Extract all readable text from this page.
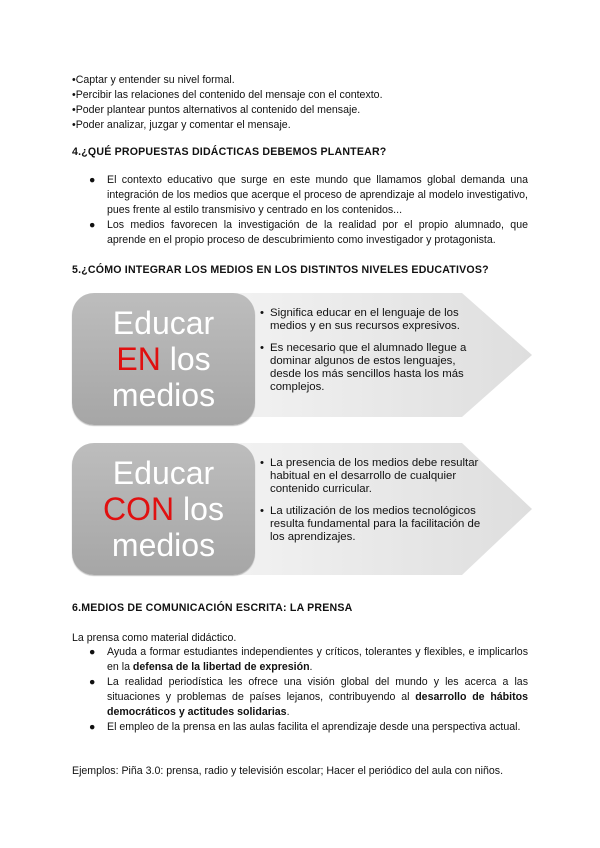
•Captar y entender su nivel formal.
•Percibir las relaciones del contenido del mensaje con el contexto.
•Poder plantear puntos alternativos al contenido del mensaje.
•Poder analizar, juzgar y comentar el mensaje.
4.¿QUÉ PROPUESTAS DIDÁCTICAS DEBEMOS PLANTEAR?
● El contexto educativo que surge en este mundo que llamamos global demanda una integración de los medios que acerque el proceso de aprendizaje al modelo investigativo, pues frente al estilo transmisivo y centrado en los contenidos...
● Los medios favorecen la investigación de la realidad por el propio alumnado, que aprende en el propio proceso de descubrimiento como investigador y protagonista.
5.¿CÓMO INTEGRAR LOS MEDIOS EN LOS DISTINTOS NIVELES EDUCATIVOS?
Educar
EN los
medios
• Significa educar en el lenguaje de los medios y en sus recursos expresivos.
• Es necesario que el alumnado llegue a dominar algunos de estos lenguajes, desde los más sencillos hasta los más complejos.
Educar
CON los
medios
• La presencia de los medios debe resultar habitual en el desarrollo de cualquier contenido curricular.
• La utilización de los medios tecnológicos resulta fundamental para la facilitación de los aprendizajes.
6.MEDIOS DE COMUNICACIÓN ESCRITA: LA PRENSA
La prensa como material didáctico.
● Ayuda a formar estudiantes independientes y críticos, tolerantes y flexibles, e implicarlos en la defensa de la libertad de expresión.
● La realidad periodística les ofrece una visión global del mundo y les acerca a las situaciones y problemas de países lejanos, contribuyendo al desarrollo de hábitos democráticos y actitudes solidarias.
● El empleo de la prensa en las aulas facilita el aprendizaje desde una perspectiva actual.
Ejemplos: Piña 3.0: prensa, radio y televisión escolar; Hacer el periódico del aula con niños.
